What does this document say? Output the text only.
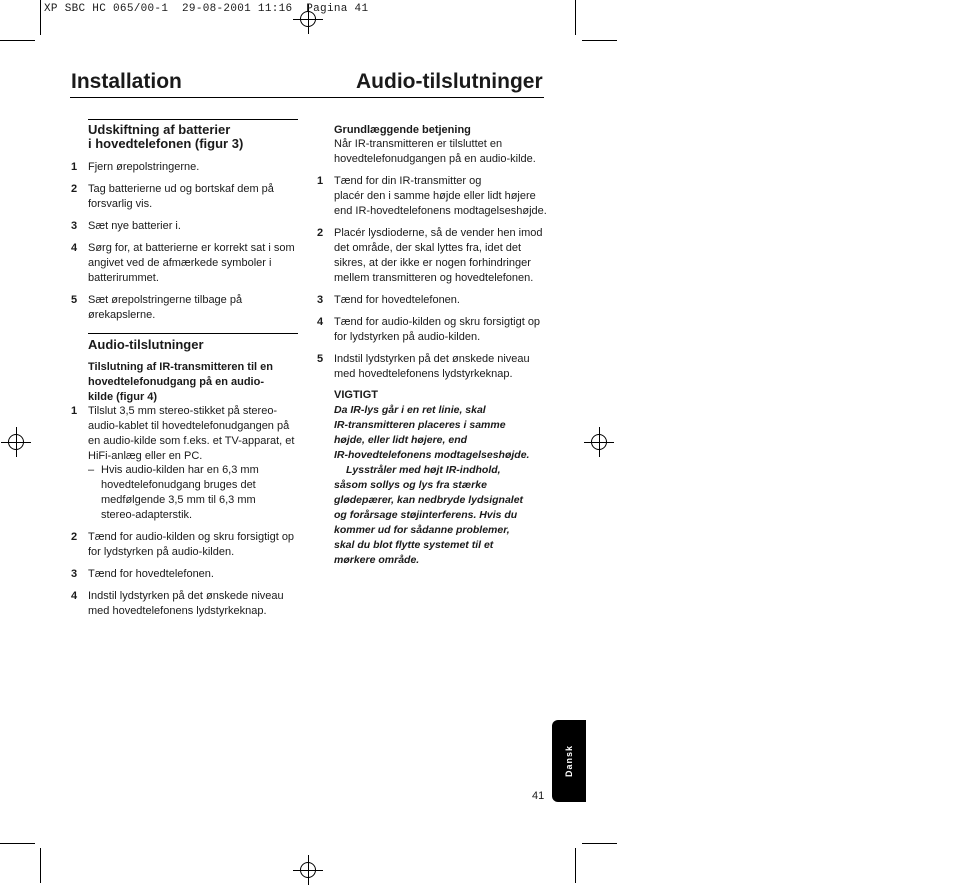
XP SBC HC 065/00-1  29-08-2001 11:16  Pagina 41
Installation	Audio-tilslutninger
Udskiftning af batterier
i hovedtelefonen (figur 3)
1 Fjern ørepolstringerne.
2 Tag batterierne ud og bortskaf dem på
forsvarlig vis.
3 Sæt nye batterier i.
4 Sørg for, at batterierne er korrekt sat i som
angivet ved de afmærkede symboler i
batterirummet.
5 Sæt ørepolstringerne tilbage på
ørekapslerne.
Audio-tilslutninger
Tilslutning af IR-transmitteren til en
hovedtelefonudgang på en audio-
kilde (figur 4)
1 Tilslut 3,5 mm stereo-stikket på stereo-
audio-kablet til hovedtelefonudgangen på
en audio-kilde som f.eks. et TV-apparat, et
HiFi-anlæg eller en PC.
– Hvis audio-kilden har en 6,3 mm
hovedtelefonudgang bruges det
medfølgende 3,5 mm til 6,3 mm
stereo-adapterstik.
2 Tænd for audio-kilden og skru forsigtigt op
for lydstyrken på audio-kilden.
3 Tænd for hovedtelefonen.
4 Indstil lydstyrken på det ønskede niveau
med hovedtelefonens lydstyrkeknap.
Grundlæggende betjening
Når IR-transmitteren er tilsluttet en
hovedtelefonudgangen på en audio-kilde.
1 Tænd for din IR-transmitter og
placér den i samme højde eller lidt højere
end IR-hovedtelefonens modtagelseshøjde.
2 Placér lysdioderne, så de vender hen imod
det område, der skal lyttes fra, idet det
sikres, at der ikke er nogen forhindringer
mellem transmitteren og hovedtelefonen.
3 Tænd for hovedtelefonen.
4 Tænd for audio-kilden og skru forsigtigt op
for lydstyrken på audio-kilden.
5 Indstil lydstyrken på det ønskede niveau
med hovedtelefonens lydstyrkeknap.
VIGTIGT
Da IR-lys går i en ret linie, skal
IR-transmitteren placeres i samme
højde, eller lidt højere, end
IR-hovedtelefonens modtagelseshøjde.
Lysstråler med højt IR-indhold,
såsom sollys og lys fra stærke
glødepærer, kan nedbryde lydsignalet
og forårsage støjinterferens. Hvis du
kommer ud for sådanne problemer,
skal du blot flytte systemet til et
mørkere område.
Dansk
41
